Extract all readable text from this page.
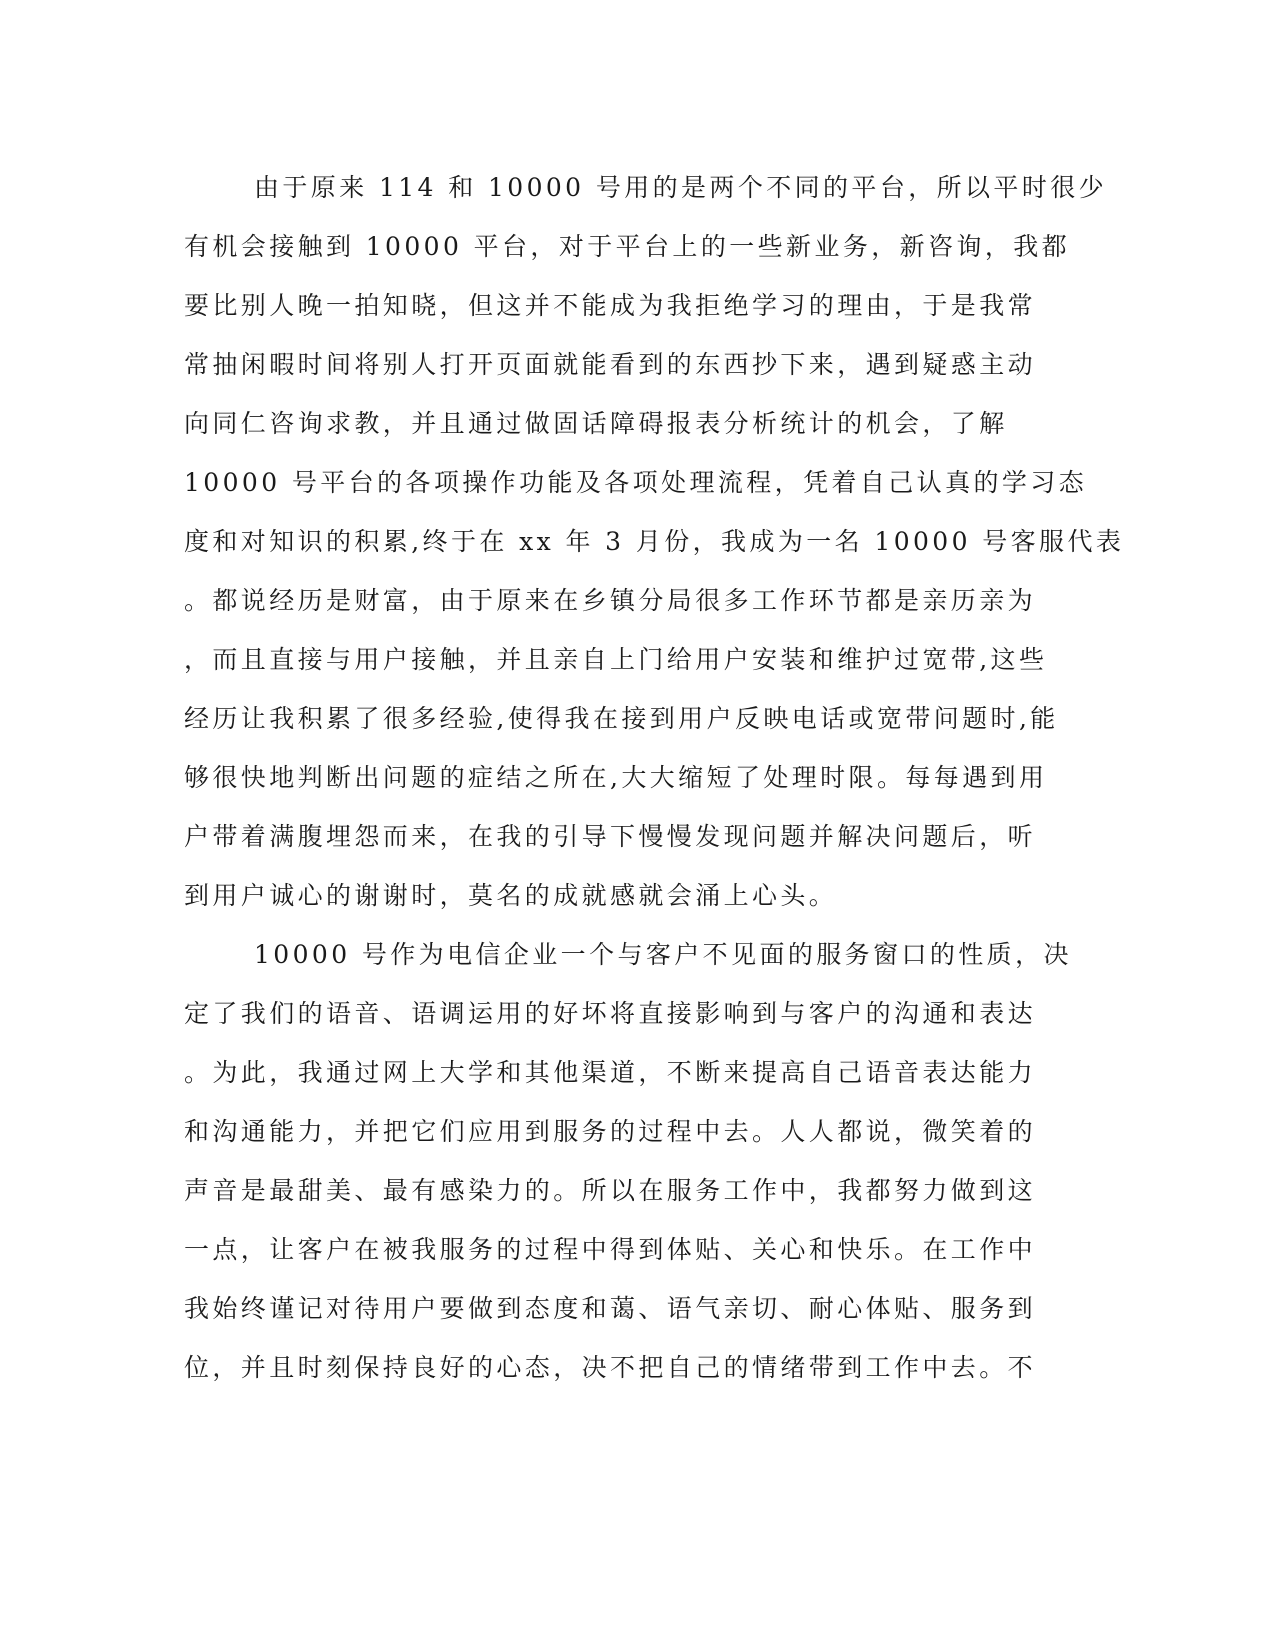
由于原来 114 和 10000 号用的是两个不同的平台，所以平时很少
有机会接触到 10000 平台，对于平台上的一些新业务，新咨询，我都
要比别人晚一拍知晓，但这并不能成为我拒绝学习的理由，于是我常
常抽闲暇时间将别人打开页面就能看到的东西抄下来，遇到疑惑主动
向同仁咨询求教，并且通过做固话障碍报表分析统计的机会，了解
10000 号平台的各项操作功能及各项处理流程，凭着自己认真的学习态
度和对知识的积累,终于在 xx 年 3 月份，我成为一名 10000 号客服代表
。都说经历是财富，由于原来在乡镇分局很多工作环节都是亲历亲为
，而且直接与用户接触，并且亲自上门给用户安装和维护过宽带,这些
经历让我积累了很多经验,使得我在接到用户反映电话或宽带问题时,能
够很快地判断出问题的症结之所在,大大缩短了处理时限。每每遇到用
户带着满腹埋怨而来，在我的引导下慢慢发现问题并解决问题后，听
到用户诚心的谢谢时，莫名的成就感就会涌上心头。
10000 号作为电信企业一个与客户不见面的服务窗口的性质，决
定了我们的语音、语调运用的好坏将直接影响到与客户的沟通和表达
。为此，我通过网上大学和其他渠道，不断来提高自己语音表达能力
和沟通能力，并把它们应用到服务的过程中去。人人都说，微笑着的
声音是最甜美、最有感染力的。所以在服务工作中，我都努力做到这
一点，让客户在被我服务的过程中得到体贴、关心和快乐。在工作中
我始终谨记对待用户要做到态度和蔼、语气亲切、耐心体贴、服务到
位，并且时刻保持良好的心态，决不把自己的情绪带到工作中去。不
